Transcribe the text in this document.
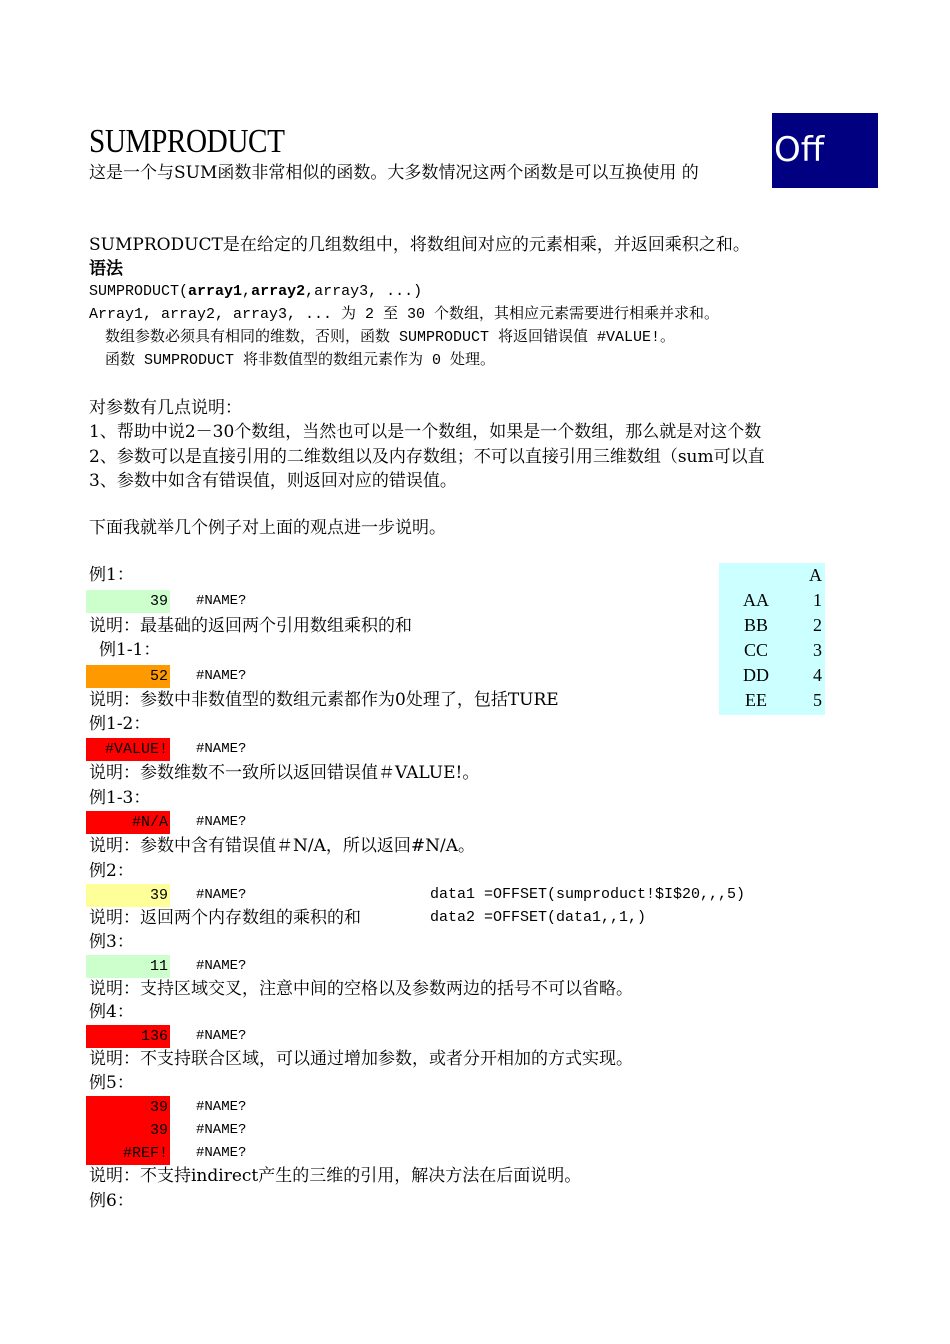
SUMPRODUCT	Off
这是一个与SUM函数非常相似的函数。大多数情况这两个函数是可以互换使用 的
SUMPRODUCT是在给定的几组数组中，将数组间对应的元素相乘，并返回乘积之和。
语法
SUMPRODUCT(array1,array2,array3, ...)
Array1, array2, array3, ... 为 2 至 30 个数组，其相应元素需要进行相乘并求和。
数组参数必须具有相同的维数，否则，函数 SUMPRODUCT 将返回错误值 #VALUE!。
函数 SUMPRODUCT 将非数值型的数组元素作为 0 处理。
对参数有几点说明：
1、帮助中说2－30个数组，当然也可以是一个数组，如果是一个数组，那么就是对这个数
2、参数可以是直接引用的二维数组以及内存数组；不可以直接引用三维数组（sum可以直
3、参数中如含有错误值，则返回对应的错误值。
下面我就举几个例子对上面的观点进一步说明。
A
AA	1
BB	2
CC	3
DD	4
EE	5
例1：
39 #NAME?
说明：最基础的返回两个引用数组乘积的和
例1-1：
52 #NAME?
说明：参数中非数值型的数组元素都作为0处理了，包括TURE
例1-2：
#VALUE! #NAME?
说明：参数维数不一致所以返回错误值＃VALUE!。
例1-3：
#N/A #NAME?
说明：参数中含有错误值＃N/A，所以返回#N/A。
例2：
39 #NAME?	data1 =OFFSET(sumproduct!$I$20,,,5)
说明：返回两个内存数组的乘积的和	data2 =OFFSET(data1,,1,)
例3：
11 #NAME?
说明：支持区域交叉，注意中间的空格以及参数两边的括号不可以省略。
例4：
136 #NAME?
说明：不支持联合区域，可以通过增加参数，或者分开相加的方式实现。
例5：
39 #NAME?
39 #NAME?
#REF! #NAME?
说明：不支持indirect产生的三维的引用，解决方法在后面说明。
例6：
